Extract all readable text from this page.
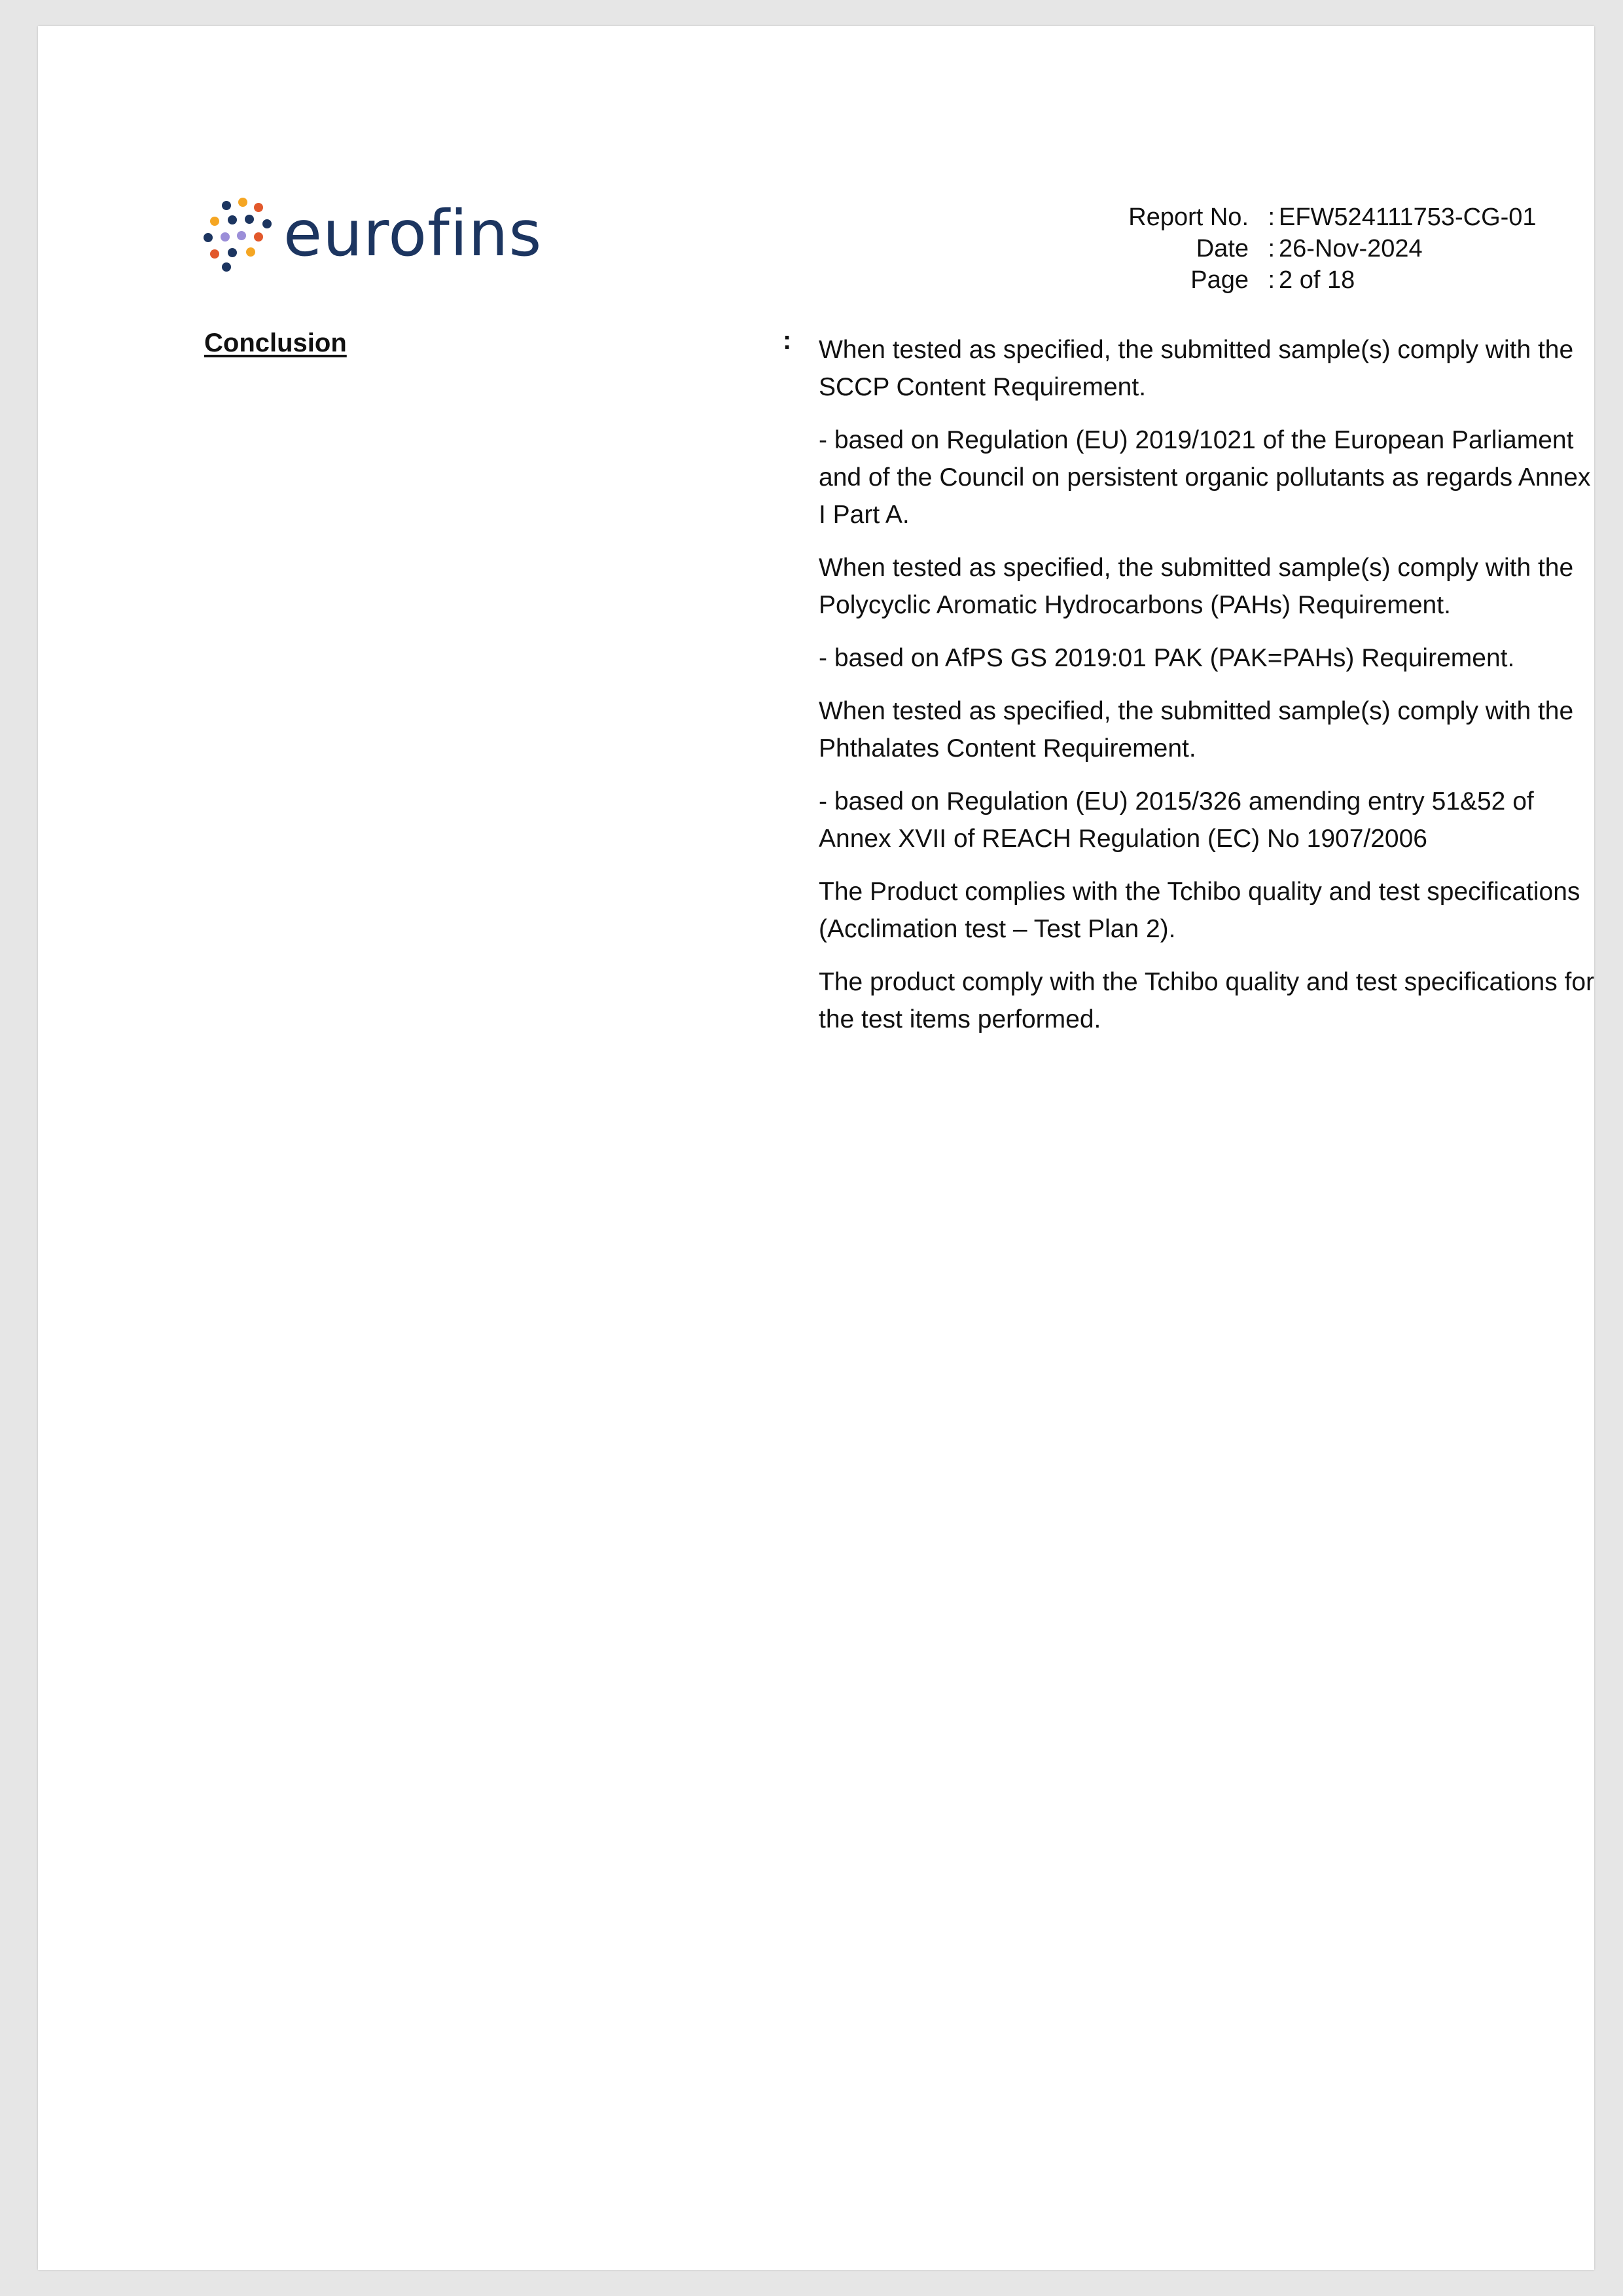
eurofins	Report No. : EFW524111753-CG-01
Date : 26-Nov-2024
Page : 2 of 18
Conclusion	: When tested as specified, the submitted sample(s) comply with the SCCP Content Requirement.

- based on Regulation (EU) 2019/1021 of the European Parliament and of the Council on persistent organic pollutants as regards Annex I Part A.

When tested as specified, the submitted sample(s) comply with the Polycyclic Aromatic Hydrocarbons (PAHs) Requirement.

- based on AfPS GS 2019:01 PAK (PAK=PAHs) Requirement.

When tested as specified, the submitted sample(s) comply with the Phthalates Content Requirement.

- based on Regulation (EU) 2015/326 amending entry 51&52 of Annex XVII of REACH Regulation (EC) No 1907/2006

The Product complies with the Tchibo quality and test specifications (Acclimation test – Test Plan 2).

The product comply with the Tchibo quality and test specifications for the test items performed.
